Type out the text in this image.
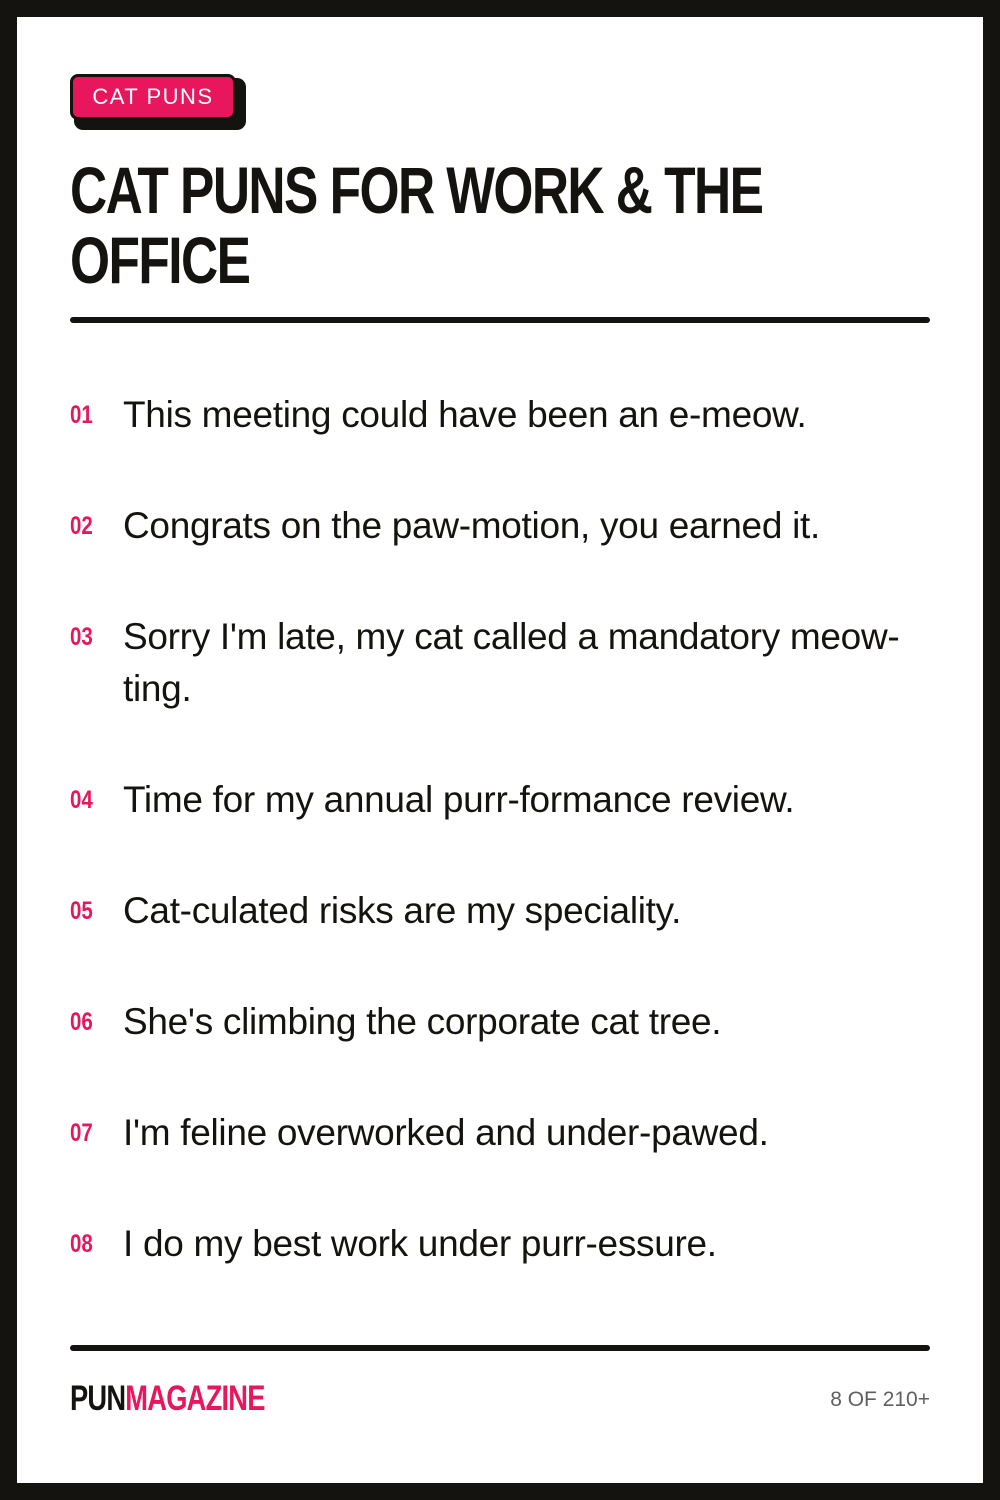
CAT PUNS
CAT PUNS FOR WORK & THE OFFICE
01 This meeting could have been an e-meow.
02 Congrats on the paw-motion, you earned it.
03 Sorry I'm late, my cat called a mandatory meow-ting.
04 Time for my annual purr-formance review.
05 Cat-culated risks are my speciality.
06 She's climbing the corporate cat tree.
07 I'm feline overworked and under-pawed.
08 I do my best work under purr-essure.
PUNMAGAZINE	8 OF 210+
